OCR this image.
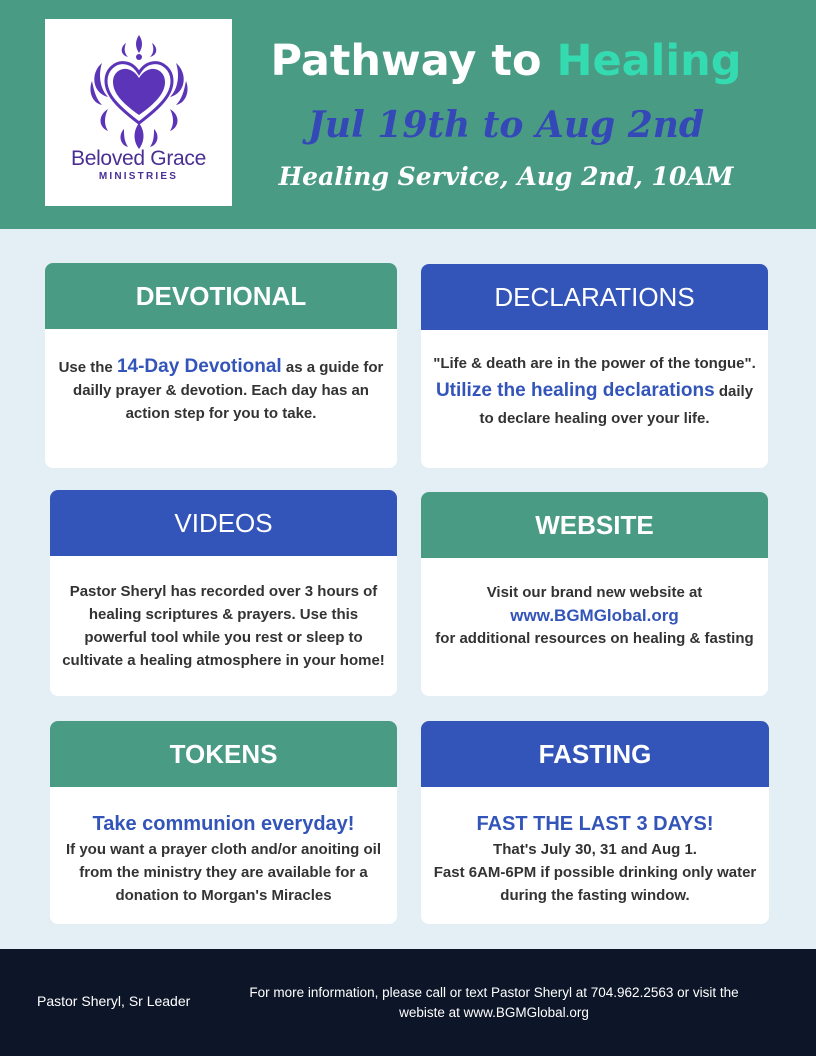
Beloved Grace
MINISTRIES
Pathway to Healing
Jul 19th to Aug 2nd
Healing Service, Aug 2nd, 10AM
DEVOTIONAL
Use the 14-Day Devotional as a guide for dailly prayer & devotion. Each day has an action step for you to take.
DECLARATIONS
"Life & death are in the power of the tongue". Utilize the healing declarations daily to declare healing over your life.
VIDEOS
Pastor Sheryl has recorded over 3 hours of healing scriptures & prayers. Use this powerful tool while you rest or sleep to cultivate a healing atmosphere in your home!
WEBSITE
Visit our brand new website at
www.BGMGlobal.org
for additional resources on healing & fasting
TOKENS
Take communion everyday!
If you want a prayer cloth and/or anoiting oil from the ministry they are available for a donation to Morgan's Miracles
FASTING
FAST THE LAST 3 DAYS!
That's July 30, 31 and Aug 1.
Fast 6AM-6PM if possible drinking only water during the fasting window.
Pastor Sheryl, Sr Leader
For more information, please call or text Pastor Sheryl at 704.962.2563 or visit the webiste at www.BGMGlobal.org
